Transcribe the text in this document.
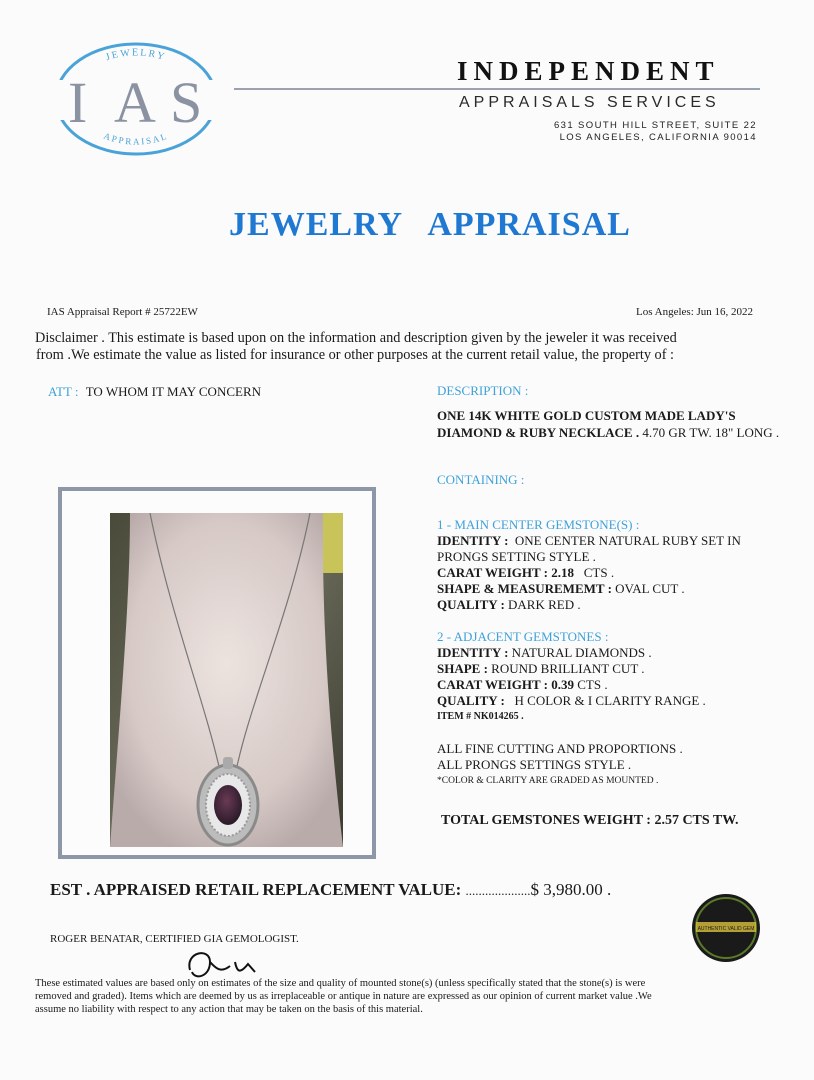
JEWELRY
APPRAISAL
I A S	INDEPENDENT
APPRAISALS SERVICES
631 SOUTH HILL STREET, SUITE 22
LOS ANGELES, CALIFORNIA 90014
JEWELRY APPRAISAL
IAS Appraisal Report # 25722EW	Los Angeles: Jun 16, 2022
Disclaimer . This estimate is based upon on the information and description given by the jeweler it was received
from .We estimate the value as listed for insurance or other purposes at the current retail value, the property of :
ATT : TO WHOM IT MAY CONCERN	DESCRIPTION :
ONE 14K WHITE GOLD CUSTOM MADE LADY'S
DIAMOND & RUBY NECKLACE . 4.70 GR TW. 18" LONG .
CONTAINING :
1 - MAIN CENTER GEMSTONE(S) :
IDENTITY : ONE CENTER NATURAL RUBY SET IN
PRONGS SETTING STYLE .
CARAT WEIGHT : 2.18 CTS .
SHAPE & MEASUREMEMT : OVAL CUT .
QUALITY : DARK RED .
2 - ADJACENT GEMSTONES :
IDENTITY : NATURAL DIAMONDS .
SHAPE : ROUND BRILLIANT CUT .
CARAT WEIGHT : 0.39 CTS .
QUALITY : H COLOR & I CLARITY RANGE .
ITEM # NK014265 .
ALL FINE CUTTING AND PROPORTIONS .
ALL PRONGS SETTINGS STYLE .
*COLOR & CLARITY ARE GRADED AS MOUNTED .
TOTAL GEMSTONES WEIGHT : 2.57 CTS TW.
EST . APPRAISED RETAIL REPLACEMENT VALUE: ....................$ 3,980.00 .
ROGER BENATAR, CERTIFIED GIA GEMOLOGIST.
AUTHENTIC VALID GEM
These estimated values are based only on estimates of the size and quality of mounted stone(s) (unless specifically stated that the stone(s) is were
removed and graded). Items which are deemed by us as irreplaceable or antique in nature are expressed as our opinion of current market value .We
assume no liability with respect to any action that may be taken on the basis of this material.
